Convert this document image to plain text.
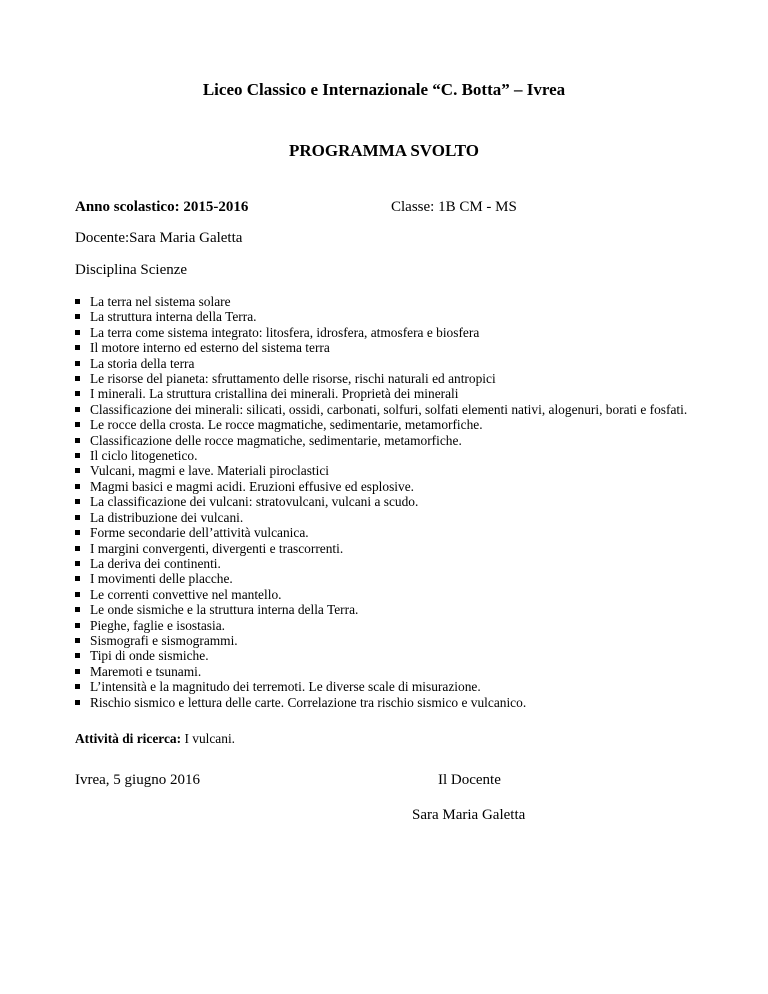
Liceo Classico e Internazionale “C. Botta” – Ivrea
PROGRAMMA SVOLTO
Anno scolastico: 2015-2016	Classe: 1B CM - MS
Docente:Sara Maria Galetta
Disciplina Scienze
La terra nel sistema solare
La struttura interna della Terra.
La terra come sistema integrato: litosfera, idrosfera, atmosfera e biosfera
Il motore interno ed esterno del sistema terra
La storia della terra
Le risorse del pianeta: sfruttamento delle risorse, rischi naturali ed antropici
I minerali. La struttura cristallina dei minerali. Proprietà dei minerali
Classificazione dei minerali: silicati, ossidi, carbonati, solfuri, solfati elementi nativi, alogenuri, borati e fosfati.
Le rocce della crosta. Le rocce magmatiche, sedimentarie, metamorfiche.
Classificazione delle rocce magmatiche, sedimentarie, metamorfiche.
Il ciclo litogenetico.
Vulcani, magmi e lave. Materiali piroclastici
Magmi basici e magmi acidi. Eruzioni effusive ed esplosive.
La classificazione dei vulcani: stratovulcani, vulcani a scudo.
La distribuzione dei vulcani.
Forme secondarie dell’attività vulcanica.
I margini convergenti, divergenti e trascorrenti.
La deriva dei continenti.
I movimenti delle placche.
Le correnti convettive nel mantello.
Le onde sismiche e la struttura interna della Terra.
Pieghe, faglie e isostasia.
Sismografi e sismogrammi.
Tipi di onde sismiche.
Maremoti e tsunami.
L’intensità e la magnitudo dei terremoti. Le diverse scale di misurazione.
Rischio sismico e lettura delle carte. Correlazione tra rischio sismico e vulcanico.
Attività di ricerca: I vulcani.
Ivrea, 5 giugno 2016	Il Docente
Sara Maria Galetta
